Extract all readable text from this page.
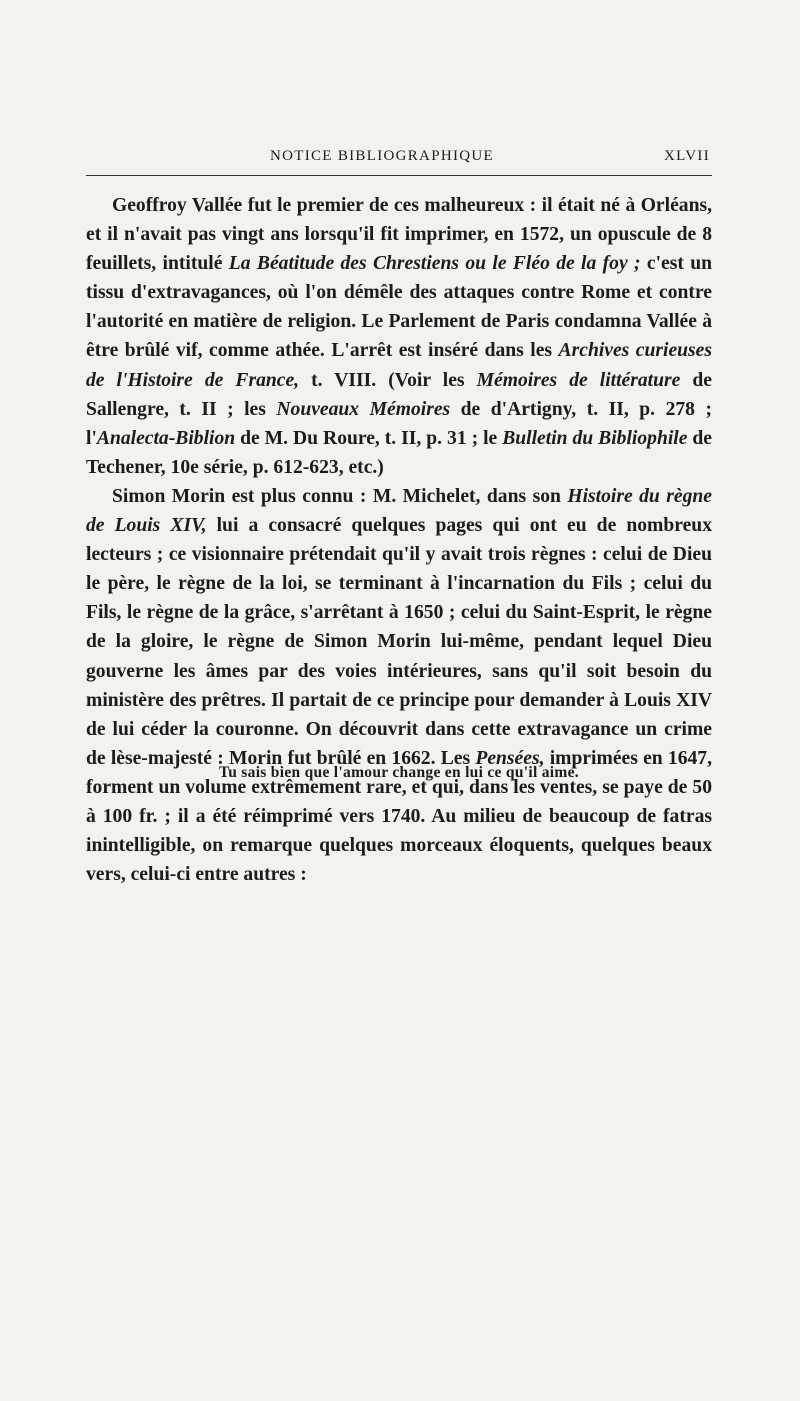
NOTICE BIBLIOGRAPHIQUE	XLVII

Geoffroy Vallée fut le premier de ces malheureux : il était né à Orléans, et il n'avait pas vingt ans lorsqu'il fit imprimer, en 1572, un opuscule de 8 feuillets, intitulé La Béatitude des Chrestiens ou le Fléo de la foy ; c'est un tissu d'extravagances, où l'on démêle des attaques contre Rome et contre l'autorité en matière de religion. Le Parlement de Paris condamna Vallée à être brûlé vif, comme athée. L'arrêt est inséré dans les Archives curieuses de l'Histoire de France, t. VIII. (Voir les Mémoires de littérature de Sallengre, t. II ; les Nouveaux Mémoires de d'Artigny, t. II, p. 278 ; l'Analecta-Biblion de M. Du Roure, t. II, p. 31 ; le Bulletin du Bibliophile de Techener, 10e série, p. 612-623, etc.)

Simon Morin est plus connu : M. Michelet, dans son Histoire du règne de Louis XIV, lui a consacré quelques pages qui ont eu de nombreux lecteurs ; ce visionnaire prétendait qu'il y avait trois règnes : celui de Dieu le père, le règne de la loi, se terminant à l'incarnation du Fils ; celui du Fils, le règne de la grâce, s'arrêtant à 1650 ; celui du Saint-Esprit, le règne de la gloire, le règne de Simon Morin lui-même, pendant lequel Dieu gouverne les âmes par des voies intérieures, sans qu'il soit besoin du ministère des prêtres. Il partait de ce principe pour demander à Louis XIV de lui céder la couronne. On découvrit dans cette extravagance un crime de lèse-majesté : Morin fut brûlé en 1662. Les Pensées, imprimées en 1647, forment un volume extrêmement rare, et qui, dans les ventes, se paye de 50 à 100 fr. ; il a été réimprimé vers 1740. Au milieu de beaucoup de fatras inintelligible, on remarque quelques morceaux éloquents, quelques beaux vers, celui-ci entre autres :

Tu sais bien que l'amour change en lui ce qu'il aime.
